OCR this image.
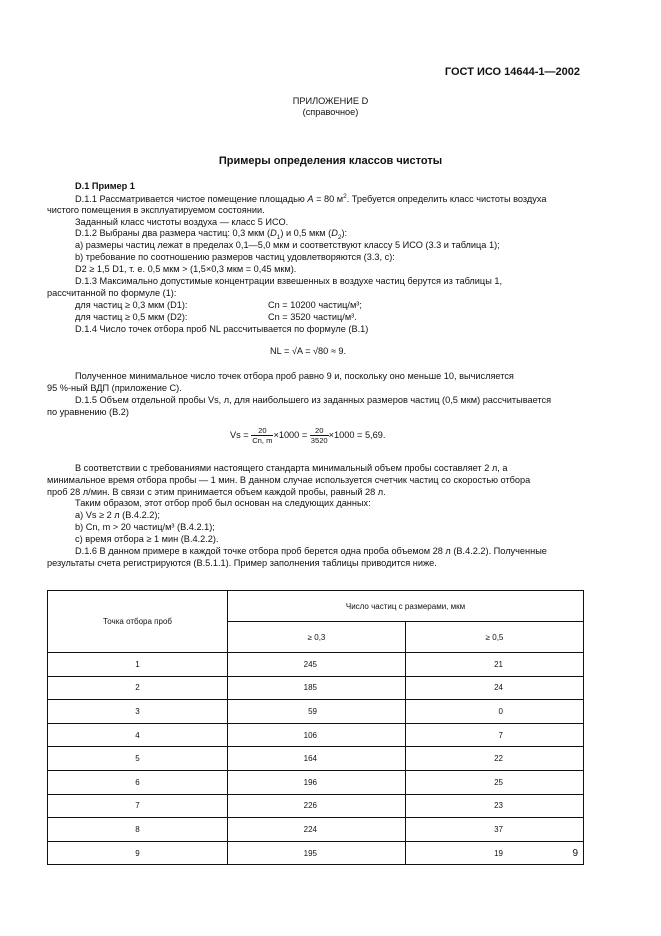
ГОСТ ИСО 14644-1—2002
ПРИЛОЖЕНИЕ D
(справочное)
Примеры определения классов чистоты
D.1 Пример 1
D.1.1 Рассматривается чистое помещение площадью A = 80 $м^2$. Требуется определить класс чистоты воздуха
чистого помещения в эксплуатируемом состоянии.
Заданный класс чистоты воздуха — класс 5 ИСО.
D.1.2 Выбраны два размера частиц: 0,3 мкм $(D_1)$ и 0,5 мкм $(D_2)$:
a) размеры частиц лежат в пределах 0,1—5,0 мкм и соответствуют классу 5 ИСО (3.3 и таблица 1);
b) требование по соотношению размеров частиц удовлетворяются (3.3, с):
D2 ≥ 1,5 D1, т. е. 0,5 мкм > (1,5×0,3 мкм = 0,45 мкм).
D.1.3 Максимально допустимые концентрации взвешенных в воздухе частиц берутся из таблицы 1,
рассчитанной по формуле (1):
для частиц ≥ 0,3 мкм (D1):	Cn = 10200 частиц/м³;
для частиц ≥ 0,5 мкм (D2):	Cn = 3520 частиц/м³.
D.1.4 Число точек отбора проб NL рассчитывается по формуле (B.1)
NL = √A = √80 ≈ 9.
Полученное минимальное число точек отбора проб равно 9 и, поскольку оно меньше 10, вычисляется
95 %-ный ВДП (приложение С).
D.1.5 Объем отдельной пробы Vs, л, для наибольшего из заданных размеров частиц (0,5 мкм) рассчитывается
по уравнению (B.2)
$Vs = \frac{20}{Cn, m} \times 1000 = \frac{20}{3520} \times 1000 = 5,69$.
В соответствии с требованиями настоящего стандарта минимальный объем пробы составляет 2 л, а
минимальное время отбора пробы — 1 мин. В данном случае используется счетчик частиц со скоростью отбора
проб 28 л/мин. В связи с этим принимается объем каждой пробы, равный 28 л.
Таким образом, этот отбор проб был основан на следующих данных:
a) Vs ≥ 2 л (B.4.2.2);
b) Cn, m > 20 частиц/м³ (B.4.2.1);
c) время отбора ≥ 1 мин (B.4.2.2).
D.1.6 В данном примере в каждой точке отбора проб берется одна проба объемом 28 л (B.4.2.2). Полученные
результаты счета регистрируются (B.5.1.1). Пример заполнения таблицы приводится ниже.
Точка отбора проб	Число частиц с размерами, мкм	
	≥ 0,3	≥ 0,5
1	245	21
2	185	24
3	59	0
4	106	7
5	164	22
6	196	25
7	226	23
8	224	37
9	195	19	9
